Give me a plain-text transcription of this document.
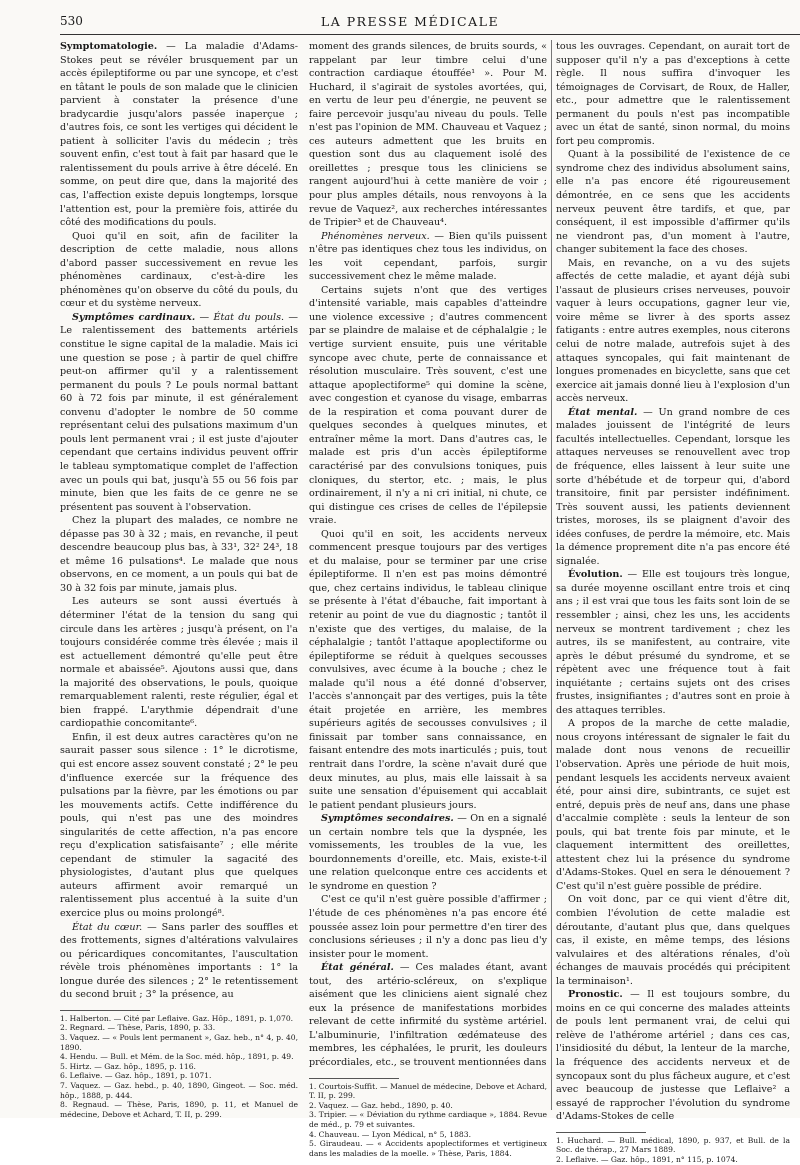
530	LA PRESSE MÉDICALE

Symptomatologie. — La maladie d'Adams-Stokes peut se révéler brusquement par un accès épileptiforme ou par une syncope, et c'est en tâtant le pouls de son malade que le clinicien parvient à constater la présence d'une bradycardie jusqu'alors passée inaperçue ; d'autres fois, ce sont les vertiges qui décident le patient à solliciter l'avis du médecin ; très souvent enfin, c'est tout à fait par hasard que le ralentissement du pouls arrive à être décelé. En somme, on peut dire que, dans la majorité des cas, l'affection existe depuis longtemps, lorsque l'attention est, pour la première fois, attirée du côté des modifications du pouls.

Quoi qu'il en soit, afin de faciliter la description de cette maladie, nous allons d'abord passer successivement en revue les phénomènes cardinaux, c'est-à-dire les phénomènes qu'on observe du côté du pouls, du cœur et du système nerveux.

Symptômes cardinaux. — État du pouls. — Le ralentissement des battements artériels constitue le signe capital de la maladie. Mais ici une question se pose ; à partir de quel chiffre peut-on affirmer qu'il y a ralentissement permanent du pouls ? Le pouls normal battant 60 à 72 fois par minute, il est généralement convenu d'adopter le nombre de 50 comme représentant celui des pulsations maximum d'un pouls lent permanent vrai ; il est juste d'ajouter cependant que certains individus peuvent offrir le tableau symptomatique complet de l'affection avec un pouls qui bat, jusqu'à 55 ou 56 fois par minute, bien que les faits de ce genre ne se présentent pas souvent à l'observation.

Chez la plupart des malades, ce nombre ne dépasse pas 30 à 32 ; mais, en revanche, il peut descendre beaucoup plus bas, à 33¹, 32² 24³, 18 et même 16 pulsations⁴. Le malade que nous observons, en ce moment, a un pouls qui bat de 30 à 32 fois par minute, jamais plus.

Les auteurs se sont aussi évertués à déterminer l'état de la tension du sang qui circule dans les artères ; jusqu'à présent, on l'a toujours considérée comme très élevée ; mais il est actuellement démontré qu'elle peut être normale et abaissée⁵. Ajoutons aussi que, dans la majorité des observations, le pouls, quoique remarquablement ralenti, reste régulier, égal et bien frappé. L'arythmie dépendrait d'une cardiopathie concomitante⁶.

Enfin, il est deux autres caractères qu'on ne saurait passer sous silence : 1° le dicrotisme, qui est encore assez souvent constaté ; 2° le peu d'influence exercée sur la fréquence des pulsations par la fièvre, par les émotions ou par les mouvements actifs. Cette indifférence du pouls, qui n'est pas une des moindres singularités de cette affection, n'a pas encore reçu d'explication satisfaisante⁷ ; elle mérite cependant de stimuler la sagacité des physiologistes, d'autant plus que quelques auteurs affirment avoir remarqué un ralentissement plus accentué à la suite d'un exercice plus ou moins prolongé⁸.

État du cœur. — Sans parler des souffles et des frottements, signes d'altérations valvulaires ou péricardiques concomitantes, l'auscultation révèle trois phénomènes importants : 1° la longue durée des silences ; 2° le retentissement du second bruit ; 3° la présence, au

1. Halberton. — Cité par Leflaive. Gaz. Hôp., 1891, p. 1,070.

2. Regnard. — Thèse, Paris, 1890, p. 33.

3. Vaquez. — « Pouls lent permanent », Gaz. heb., n° 4, p. 40, 1890.

4. Hendu. — Bull. et Mém. de la Soc. méd. hôp., 1891, p. 49.

5. Hirtz. — Gaz. hôp., 1895, p. 116.

6. Leflaive. — Gaz. hôp., 1891, p. 1071.

7. Vaquez. — Gaz. hebd., p. 40, 1890, Gingeot. — Soc. méd. hôp., 1888, p. 444.

8. Regnaud. — Thèse, Paris, 1890, p. 11, et Manuel de médecine, Debove et Achard, T. II, p. 299.

moment des grands silences, de bruits sourds, « rappelant par leur timbre celui d'une contraction cardiaque étouffée¹ ». Pour M. Huchard, il s'agirait de systoles avortées, qui, en vertu de leur peu d'énergie, ne peuvent se faire percevoir jusqu'au niveau du pouls. Telle n'est pas l'opinion de MM. Chauveau et Vaquez ; ces auteurs admettent que les bruits en question sont dus au claquement isolé des oreillettes ; presque tous les cliniciens se rangent aujourd'hui à cette manière de voir ; pour plus amples détails, nous renvoyons à la revue de Vaquez², aux recherches intéressantes de Tripier³ et de Chauveau⁴.

Phénomènes nerveux. — Bien qu'ils puissent n'être pas identiques chez tous les individus, on les voit cependant, parfois, surgir successivement chez le même malade.

Certains sujets n'ont que des vertiges d'intensité variable, mais capables d'atteindre une violence excessive ; d'autres commencent par se plaindre de malaise et de céphalalgie ; le vertige survient ensuite, puis une véritable syncope avec chute, perte de connaissance et résolution musculaire. Très souvent, c'est une attaque apoplectiforme⁵ qui domine la scène, avec congestion et cyanose du visage, embarras de la respiration et coma pouvant durer de quelques secondes à quelques minutes, et entraîner même la mort. Dans d'autres cas, le malade est pris d'un accès épileptiforme caractérisé par des convulsions toniques, puis cloniques, du stertor, etc. ; mais, le plus ordinairement, il n'y a ni cri initial, ni chute, ce qui distingue ces crises de celles de l'épilepsie vraie.

Quoi qu'il en soit, les accidents nerveux commencent presque toujours par des vertiges et du malaise, pour se terminer par une crise épileptiforme. Il n'en est pas moins démontré que, chez certains individus, le tableau clinique se présente à l'état d'ébauche, fait important à retenir au point de vue du diagnostic ; tantôt il n'existe que des vertiges, du malaise, de la céphalalgie ; tantôt l'attaque apoplectiforme ou épileptiforme se réduit à quelques secousses convulsives, avec écume à la bouche ; chez le malade qu'il nous a été donné d'observer, l'accès s'annonçait par des vertiges, puis la tête était projetée en arrière, les membres supérieurs agités de secousses convulsives ; il finissait par tomber sans connaissance, en faisant entendre des mots inarticulés ; puis, tout rentrait dans l'ordre, la scène n'avait duré que deux minutes, au plus, mais elle laissait à sa suite une sensation d'épuisement qui accablait le patient pendant plusieurs jours.

Symptômes secondaires. — On en a signalé un certain nombre tels que la dyspnée, les vomissements, les troubles de la vue, les bourdonnements d'oreille, etc. Mais, existe-t-il une relation quelconque entre ces accidents et le syndrome en question ?

C'est ce qu'il n'est guère possible d'affirmer ; l'étude de ces phénomènes n'a pas encore été poussée assez loin pour permettre d'en tirer des conclusions sérieuses ; il n'y a donc pas lieu d'y insister pour le moment.

État général. — Ces malades étant, avant tout, des artério-scléreux, on s'explique aisément que les cliniciens aient signalé chez eux la présence de manifestations morbides relevant de cette infirmité du système artériel. L'albuminurie, l'infiltration œdémateuse des membres, les céphalées, le prurit, les douleurs précordiales, etc., se trouvent mentionnées dans

1. Courtois-Suffit. — Manuel de médecine, Debove et Achard, T. II, p. 299.

2. Vaquez. — Gaz. hebd., 1890, p. 40.

3. Tripier. — « Déviation du rythme cardiaque », 1884. Revue de méd., p. 79 et suivantes.

4. Chauveau. — Lyon Médical, n° 5, 1883.

5. Giraudeau. — « Accidents apoplectiformes et vertigineux dans les maladies de la moelle. » Thèse, Paris, 1884.

tous les ouvrages. Cependant, on aurait tort de supposer qu'il n'y a pas d'exceptions à cette règle. Il nous suffira d'invoquer les témoignages de Corvisart, de Roux, de Haller, etc., pour admettre que le ralentissement permanent du pouls n'est pas incompatible avec un état de santé, sinon normal, du moins fort peu compromis.

Quant à la possibilité de l'existence de ce syndrome chez des individus absolument sains, elle n'a pas encore été rigoureusement démontrée, en ce sens que les accidents nerveux peuvent être tardifs, et que, par conséquent, il est impossible d'affirmer qu'ils ne viendront pas, d'un moment à l'autre, changer subitement la face des choses.

Mais, en revanche, on a vu des sujets affectés de cette maladie, et ayant déjà subi l'assaut de plusieurs crises nerveuses, pouvoir vaquer à leurs occupations, gagner leur vie, voire même se livrer à des sports assez fatigants : entre autres exemples, nous citerons celui de notre malade, autrefois sujet à des attaques syncopales, qui fait maintenant de longues promenades en bicyclette, sans que cet exercice ait jamais donné lieu à l'explosion d'un accès nerveux.

État mental. — Un grand nombre de ces malades jouissent de l'intégrité de leurs facultés intellectuelles. Cependant, lorsque les attaques nerveuses se renouvellent avec trop de fréquence, elles laissent à leur suite une sorte d'hébétude et de torpeur qui, d'abord transitoire, finit par persister indéfiniment. Très souvent aussi, les patients deviennent tristes, moroses, ils se plaignent d'avoir des idées confuses, de perdre la mémoire, etc. Mais la démence proprement dite n'a pas encore été signalée.

Évolution. — Elle est toujours très longue, sa durée moyenne oscillant entre trois et cinq ans ; il est vrai que tous les faits sont loin de se ressembler ; ainsi, chez les uns, les accidents nerveux se montrent tardivement ; chez les autres, ils se manifestent, au contraire, vite après le début présumé du syndrome, et se répètent avec une fréquence tout à fait inquiétante ; certains sujets ont des crises frustes, insignifiantes ; d'autres sont en proie à des attaques terribles.

A propos de la marche de cette maladie, nous croyons intéressant de signaler le fait du malade dont nous venons de recueillir l'observation. Après une période de huit mois, pendant lesquels les accidents nerveux avaient été, pour ainsi dire, subintrants, ce sujet est entré, depuis près de neuf ans, dans une phase d'accalmie complète : seuls la lenteur de son pouls, qui bat trente fois par minute, et le claquement intermittent des oreillettes, attestent chez lui la présence du syndrome d'Adams-Stokes. Quel en sera le dénouement ? C'est qu'il n'est guère possible de prédire.

On voit donc, par ce qui vient d'être dit, combien l'évolution de cette maladie est déroutante, d'autant plus que, dans quelques cas, il existe, en même temps, des lésions valvulaires et des altérations rénales, d'où échanges de mauvais procédés qui précipitent la terminaison¹.

Pronostic. — Il est toujours sombre, du moins en ce qui concerne des malades atteints de pouls lent permanent vrai, de celui qui relève de l'athérome artériel ; dans ces cas, l'insidiosité du début, la lenteur de la marche, la fréquence des accidents nerveux et de syncopaux sont du plus fâcheux augure, et c'est avec beaucoup de justesse que Leflaive² a essayé de rapprocher l'évolution du syndrome d'Adams-Stokes de celle

1. Huchard. — Bull. médical, 1890, p. 937, et Bull. de la Soc. de thérap., 27 Mars 1889.

2. Leflaive. — Gaz. hôp., 1891, n° 115, p. 1074.
